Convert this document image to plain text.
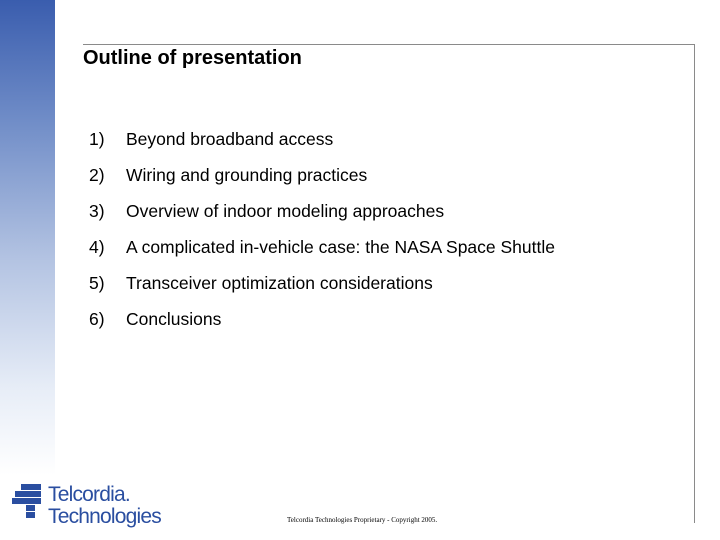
Outline of presentation
1) Beyond broadband access
2) Wiring and grounding practices
3) Overview of indoor modeling approaches
4) A complicated in-vehicle case: the NASA Space Shuttle
5) Transceiver optimization considerations
6) Conclusions
Telcordia.
Technologies	Telcordia Technologies Proprietary - Copyright 2005.
